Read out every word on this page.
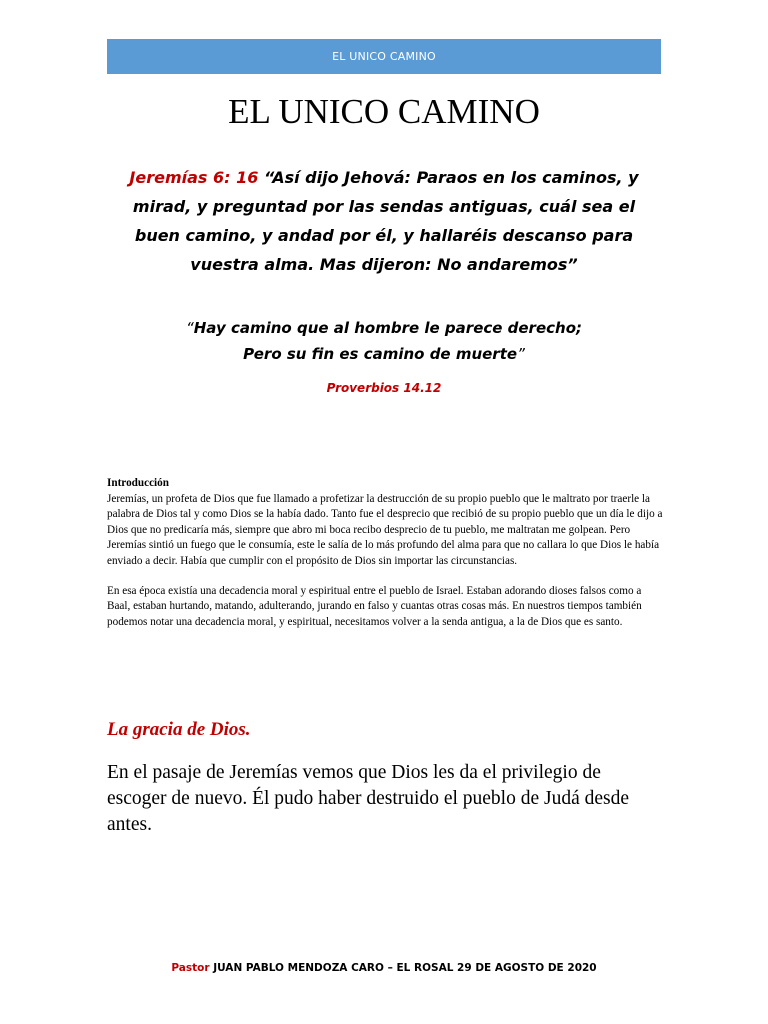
EL UNICO CAMINO
EL UNICO CAMINO
Jeremías 6: 16 “Así dijo Jehová: Paraos en los caminos, y mirad, y preguntad por las sendas antiguas, cuál sea el buen camino, y andad por él, y hallaréis descanso para vuestra alma. Mas dijeron: No andaremos”
“Hay camino que al hombre le parece derecho;
Pero su fin es camino de muerte”
Proverbios 14.12

Introducción
Jeremías, un profeta de Dios que fue llamado a profetizar la destrucción de su propio pueblo que le maltrato por traerle la palabra de Dios tal y como Dios se la había dado. Tanto fue el desprecio que recibió de su propio pueblo que un día le dijo a Dios que no predicaría más, siempre que abro mi boca recibo desprecio de tu pueblo, me maltratan me golpean. Pero Jeremías sintió un fuego que le consumía, este le salía de lo más profundo del alma para que no callara lo que Dios le había enviado a decir. Había que cumplir con el propósito de Dios sin importar las circunstancias.

En esa época existía una decadencia moral y espiritual entre el pueblo de Israel. Estaban adorando dioses falsos como a Baal, estaban hurtando, matando, adulterando, jurando en falso y cuantas otras cosas más. En nuestros tiempos también podemos notar una decadencia moral, y espiritual, necesitamos volver a la senda antigua, a la de Dios que es santo.

La gracia de Dios.

En el pasaje de Jeremías vemos que Dios les da el privilegio de escoger de nuevo. Él pudo haber destruido el pueblo de Judá desde antes.

Pastor JUAN PABLO MENDOZA CARO – EL ROSAL 29 DE AGOSTO DE 2020
